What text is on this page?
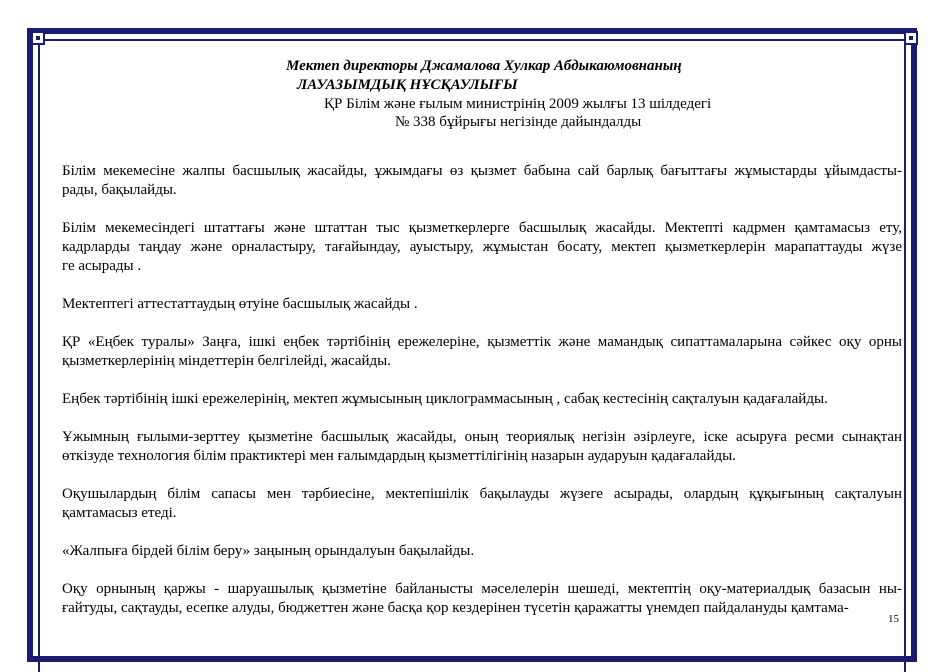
Мектеп директоры Джамалова Хулкар Абдыкаюмовнаның
ЛАУАЗЫМДЫҚ НҰСҚАУЛЫҒЫ
ҚР Білім және ғылым министрінің 2009 жылғы 13 шілдедегі
№ 338 бұйрығы негізінде дайындалды

Білім мекемесіне жалпы басшылық жасайды, ұжымдағы өз қызмет бабына сай барлық бағыттағы жұмыстарды ұйымдасты-
рады, бақылайды.

Білім мекемесіндегі штаттағы және штаттан тыс қызметкерлерге басшылық жасайды. Мектепті кадрмен қамтамасыз ету,
кадрларды таңдау және орналастыру, тағайындау, ауыстыру, жұмыстан босату, мектеп қызметкерлерін марапаттауды жүзе
ге асырады .

Мектептегі аттестаттаудың өтуіне басшылық жасайды .

ҚР «Еңбек туралы» Заңға, ішкі еңбек тәртібінің ережелеріне, қызметтік және мамандық сипаттамаларына сәйкес оқу орны
қызметкерлерінің міндеттерін белгілейді, жасайды.

Еңбек тәртібінің ішкі ережелерінің, мектеп жұмысының циклограммасының , сабақ кестесінің сақталуын қадағалайды.

Ұжымның ғылыми-зерттеу қызметіне басшылық жасайды, оның теориялық негізін әзірлеуге, іске асыруға ресми сынақтан
өткізуде технология білім практиктері мен ғалымдардың қызметтілігінің назарын аударуын қадағалайды.

Оқушылардың білім сапасы мен тәрбиесіне, мектепішілік бақылауды жүзеге асырады, олардың құқығының сақталуын
қамтамасыз етеді.

«Жалпыға бірдей білім беру» заңының орындалуын бақылайды.

Оқу орнының қаржы - шаруашылық қызметіне байланысты мәселелерін шешеді, мектептің оқу-материалдық базасын ны-
ғайтуды, сақтауды, есепке алуды, бюджеттен және басқа қор кездерінен түсетін қаражатты үнемдеп пайдалануды қамтама-

15
